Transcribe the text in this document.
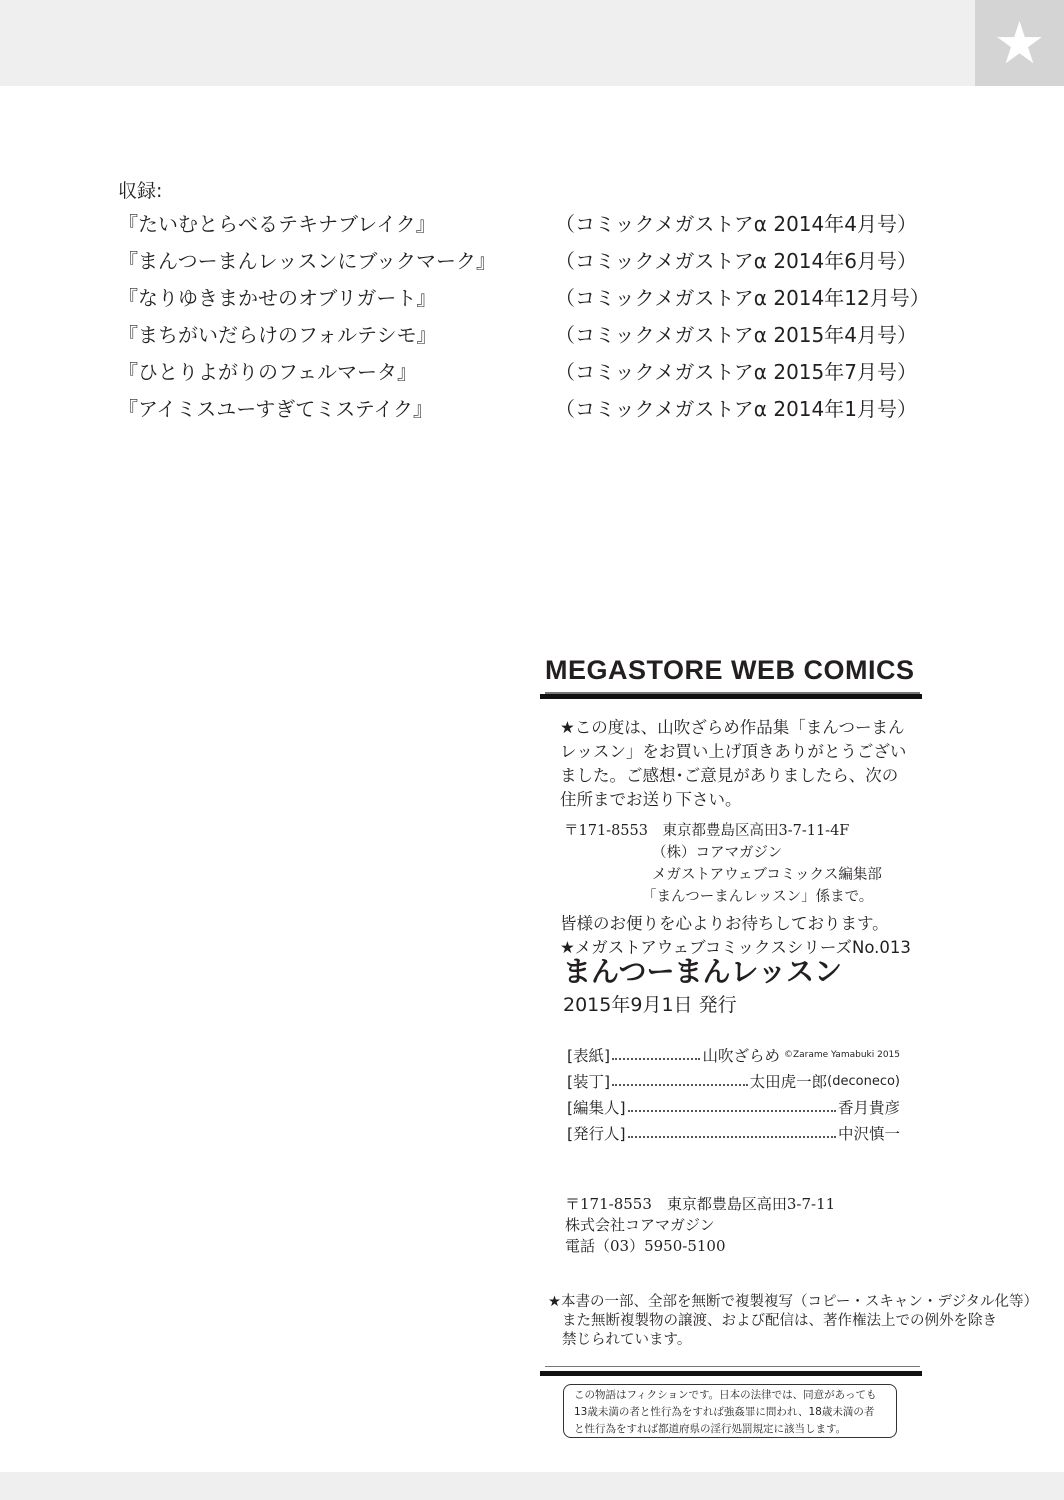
★
収録:
『たいむとらべるテキナブレイク』	（コミックメガストアα 2014年4月号）
『まんつーまんレッスンにブックマーク』	（コミックメガストアα 2014年6月号）
『なりゆきまかせのオブリガート』	（コミックメガストアα 2014年12月号）
『まちがいだらけのフォルテシモ』	（コミックメガストアα 2015年4月号）
『ひとりよがりのフェルマータ』	（コミックメガストアα 2015年7月号）
『アイミスユーすぎてミステイク』	（コミックメガストアα 2014年1月号）
MEGASTORE WEB COMICS
★この度は、山吹ざらめ作品集「まんつーまん
レッスン」をお買い上げ頂きありがとうござい
ました。ご感想･ご意見がありましたら、次の
住所までお送り下さい。
〒171-8553　東京都豊島区高田3-7-11-4F
（株）コアマガジン
メガストアウェブコミックス編集部
「まんつーまんレッスン」係まで。
皆様のお便りを心よりお待ちしております。
★メガストアウェブコミックスシリーズNo.013
まんつーまんレッスン
2015年9月1日 発行
[表紙]	山吹ざらめ ©Zarame Yamabuki 2015
[装丁]	太田虎一郎 (deconeco)
[編集人]	香月貴彦
[発行人]	中沢慎一
〒171-8553　東京都豊島区高田3-7-11
株式会社コアマガジン
電話（03）5950-5100
★本書の一部、全部を無断で複製複写（コピー・スキャン・デジタル化等）
また無断複製物の譲渡、および配信は、著作権法上での例外を除き
禁じられています。
この物語はフィクションです。日本の法律では、同意があっても
13歳未満の者と性行為をすれば強姦罪に問われ、18歳未満の者
と性行為をすれば都道府県の淫行処罰規定に該当します。
